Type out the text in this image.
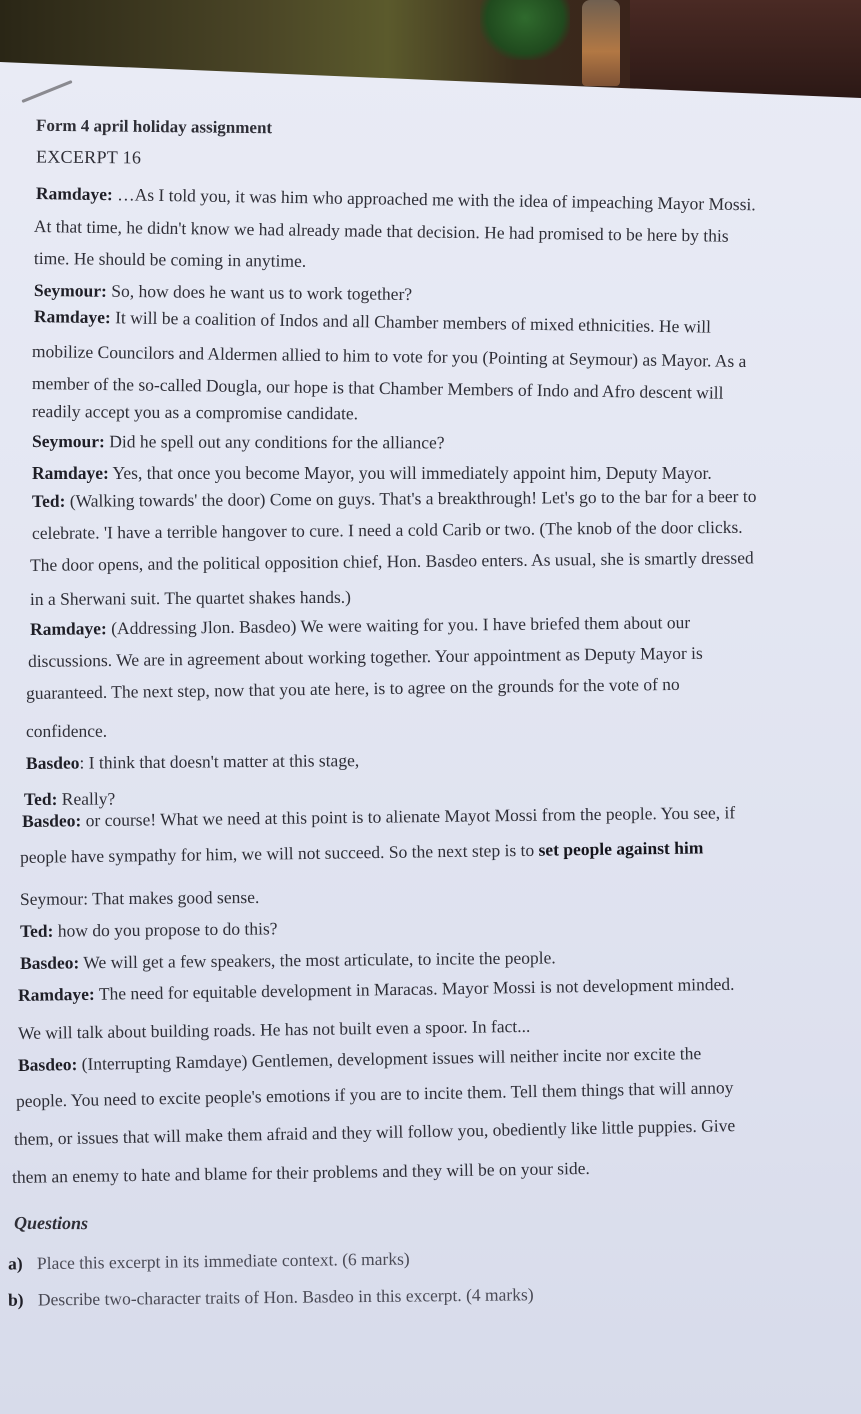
Form 4 april holiday assignment
EXCERPT 16
Ramdaye: …As I told you, it was him who approached me with the idea of impeaching Mayor Mossi.
At that time, he didn't know we had already made that decision. He had promised to be here by this
time. He should be coming in anytime.
Seymour: So, how does he want us to work together?
Ramdaye: It will be a coalition of Indos and all Chamber members of mixed ethnicities. He will
mobilize Councilors and Aldermen allied to him to vote for you (Pointing at Seymour) as Mayor. As a
member of the so-called Dougla, our hope is that Chamber Members of Indo and Afro descent will
readily accept you as a compromise candidate.
Seymour: Did he spell out any conditions for the alliance?
Ramdaye: Yes, that once you become Mayor, you will immediately appoint him, Deputy Mayor.
Ted: (Walking towards' the door) Come on guys. That's a breakthrough! Let's go to the bar for a beer to
celebrate. 'I have a terrible hangover to cure. I need a cold Carib or two. (The knob of the door clicks.
The door opens, and the political opposition chief, Hon. Basdeo enters. As usual, she is smartly dressed
in a Sherwani suit. The quartet shakes hands.)
Ramdaye: (Addressing Jlon. Basdeo) We were waiting for you. I have briefed them about our
discussions. We are in agreement about working together. Your appointment as Deputy Mayor is
guaranteed. The next step, now that you ate here, is to agree on the grounds for the vote of no
confidence.
Basdeo: I think that doesn't matter at this stage,
Ted: Really?
Basdeo: or course! What we need at this point is to alienate Mayot Mossi from the people. You see, if
people have sympathy for him, we will not succeed. So the next step is to set people against him
Seymour: That makes good sense.
Ted: how do you propose to do this?
Basdeo: We will get a few speakers, the most articulate, to incite the people.
Ramdaye: The need for equitable development in Maracas. Mayor Mossi is not development minded.
We will talk about building roads. He has not built even a spoor. In fact...
Basdeo: (Interrupting Ramdaye) Gentlemen, development issues will neither incite nor excite the
people. You need to excite people's emotions if you are to incite them. Tell them things that will annoy
them, or issues that will make them afraid and they will follow you, obediently like little puppies. Give
them an enemy to hate and blame for their problems and they will be on your side.
Questions
a) Place this excerpt in its immediate context. (6 marks)
b) Describe two-character traits of Hon. Basdeo in this excerpt. (4 marks)
